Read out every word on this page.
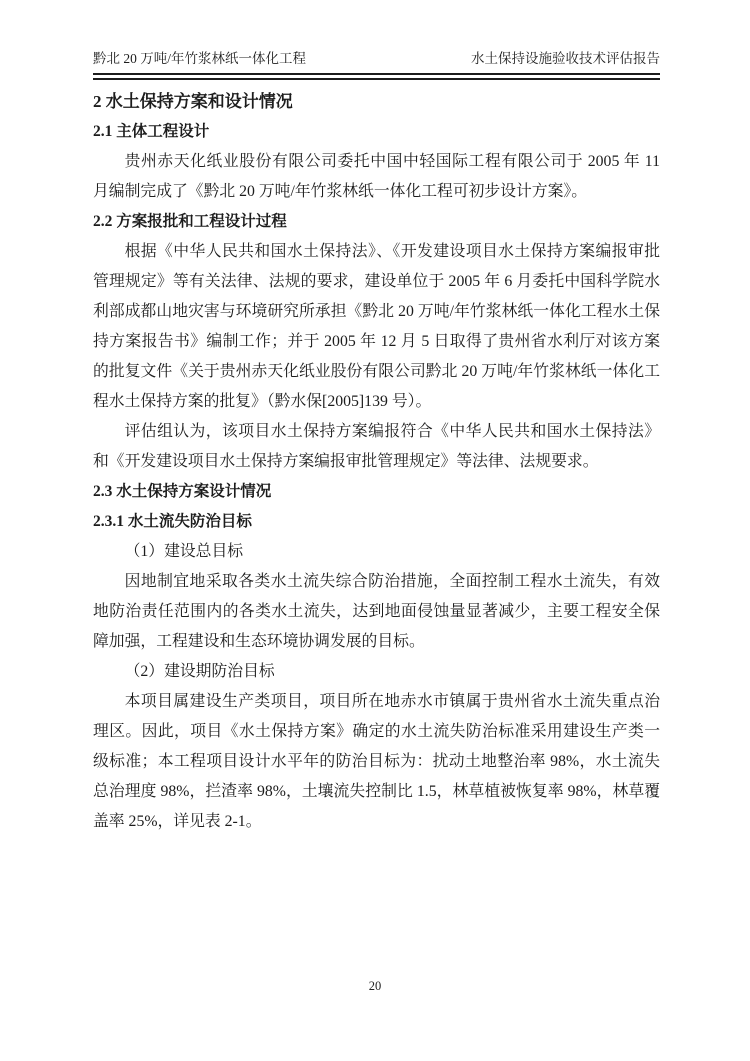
黔北 20 万吨/年竹浆林纸一体化工程	水土保持设施验收技术评估报告
2 水土保持方案和设计情况
2.1 主体工程设计

贵州赤天化纸业股份有限公司委托中国中轻国际工程有限公司于 2005 年 11 月编制完成了《黔北 20 万吨/年竹浆林纸一体化工程可初步设计方案》。

2.2 方案报批和工程设计过程

根据《中华人民共和国水土保持法》、《开发建设项目水土保持方案编报审批管理规定》等有关法律、法规的要求，建设单位于 2005 年 6 月委托中国科学院水利部成都山地灾害与环境研究所承担《黔北 20 万吨/年竹浆林纸一体化工程水土保持方案报告书》编制工作；并于 2005 年 12 月 5 日取得了贵州省水利厅对该方案的批复文件《关于贵州赤天化纸业股份有限公司黔北 20 万吨/年竹浆林纸一体化工程水土保持方案的批复》（黔水保[2005]139 号）。

评估组认为，该项目水土保持方案编报符合《中华人民共和国水土保持法》和《开发建设项目水土保持方案编报审批管理规定》等法律、法规要求。

2.3 水土保持方案设计情况
2.3.1 水土流失防治目标

（1）建设总目标

因地制宜地采取各类水土流失综合防治措施，全面控制工程水土流失，有效地防治责任范围内的各类水土流失，达到地面侵蚀量显著减少，主要工程安全保障加强，工程建设和生态环境协调发展的目标。

（2）建设期防治目标

本项目属建设生产类项目，项目所在地赤水市镇属于贵州省水土流失重点治理区。因此，项目《水土保持方案》确定的水土流失防治标准采用建设生产类一级标准；本工程项目设计水平年的防治目标为：扰动土地整治率 98%，水土流失总治理度 98%，拦渣率 98%，土壤流失控制比 1.5，林草植被恢复率 98%，林草覆盖率 25%，详见表 2-1。

20
